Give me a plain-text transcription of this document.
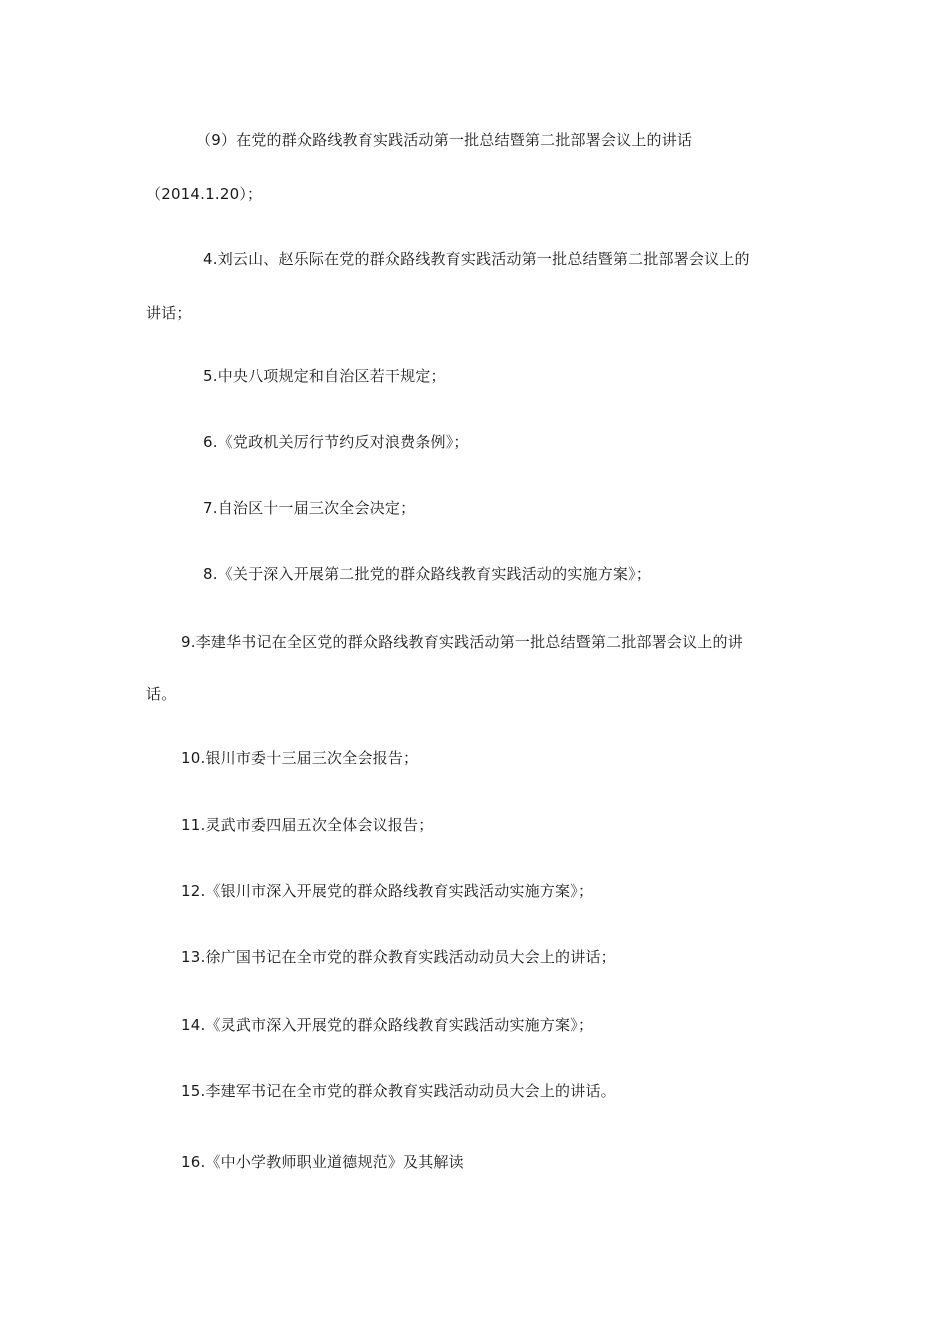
（9）在党的群众路线教育实践活动第一批总结暨第二批部署会议上的讲话
（2014.1.20）；
4.刘云山、赵乐际在党的群众路线教育实践活动第一批总结暨第二批部署会议上的
讲话；
5.中央八项规定和自治区若干规定；
6.《党政机关厉行节约反对浪费条例》；
7.自治区十一届三次全会决定；
8.《关于深入开展第二批党的群众路线教育实践活动的实施方案》；
9.李建华书记在全区党的群众路线教育实践活动第一批总结暨第二批部署会议上的讲
话。
10.银川市委十三届三次全会报告；
11.灵武市委四届五次全体会议报告；
12.《银川市深入开展党的群众路线教育实践活动实施方案》；
13.徐广国书记在全市党的群众教育实践活动动员大会上的讲话；
14.《灵武市深入开展党的群众路线教育实践活动实施方案》；
15.李建军书记在全市党的群众教育实践活动动员大会上的讲话。
16.《中小学教师职业道德规范》及其解读
